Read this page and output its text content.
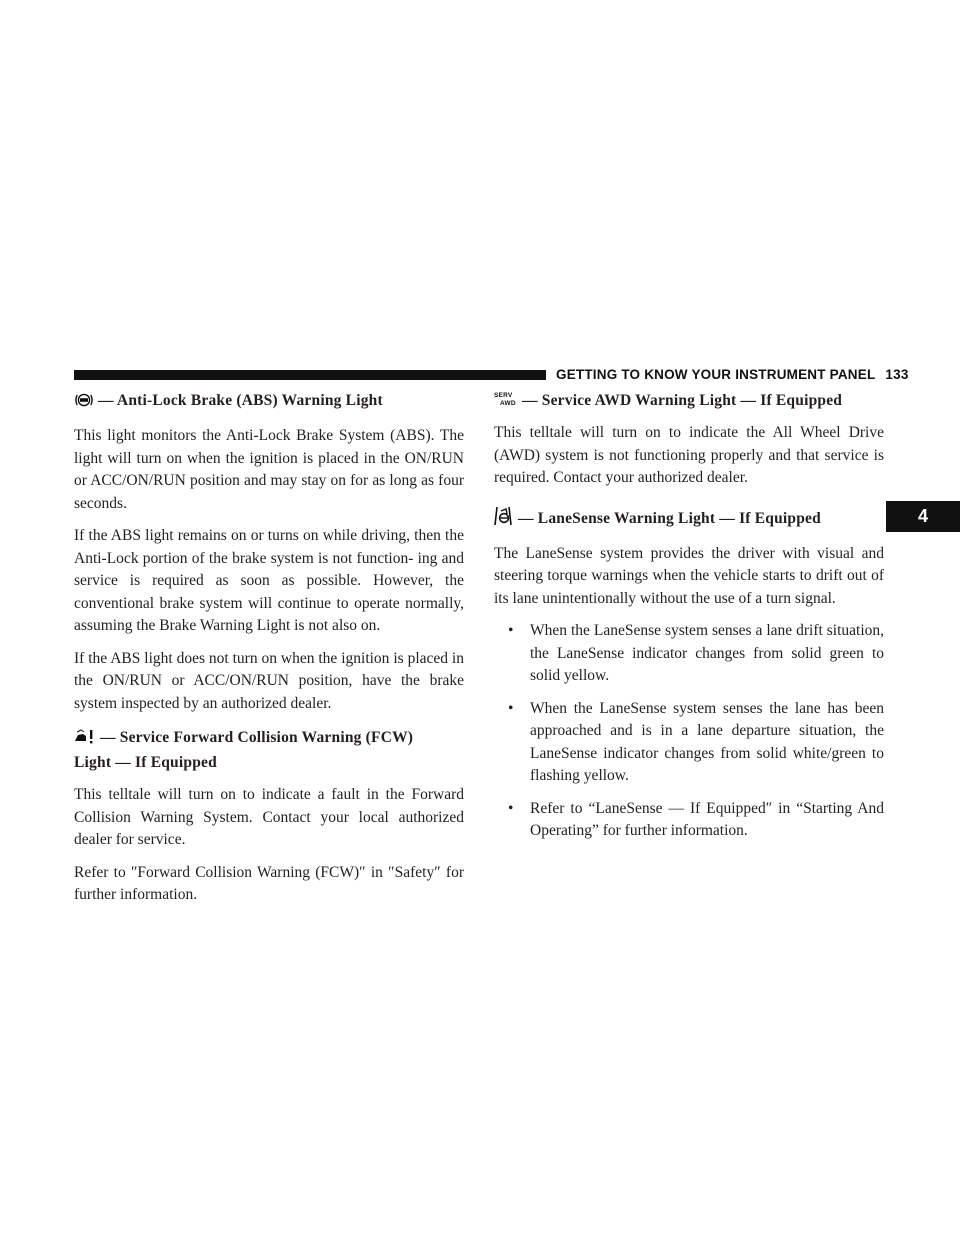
GETTING TO KNOW YOUR INSTRUMENT PANEL 133
4
— Anti-Lock Brake (ABS) Warning Light

This light monitors the Anti-Lock Brake System (ABS). The light will turn on when the ignition is placed in the ON/RUN or ACC/ON/RUN position and may stay on for as long as four seconds.

If the ABS light remains on or turns on while driving, then the Anti-Lock portion of the brake system is not function- ing and service is required as soon as possible. However, the conventional brake system will continue to operate normally, assuming the Brake Warning Light is not also on.

If the ABS light does not turn on when the ignition is placed in the ON/RUN or ACC/ON/RUN position, have the brake system inspected by an authorized dealer.

— Service Forward Collision Warning (FCW)
Light — If Equipped

This telltale will turn on to indicate a fault in the Forward Collision Warning System. Contact your local authorized dealer for service.

Refer to ″Forward Collision Warning (FCW)″ in ″Safety″ for further information.

SERV
AWD — Service AWD Warning Light — If Equipped

This telltale will turn on to indicate the All Wheel Drive (AWD) system is not functioning properly and that service is required. Contact your authorized dealer.

— LaneSense Warning Light — If Equipped

The LaneSense system provides the driver with visual and steering torque warnings when the vehicle starts to drift out of its lane unintentionally without the use of a turn signal.

• When the LaneSense system senses a lane drift situation, the LaneSense indicator changes from solid green to solid yellow.
• When the LaneSense system senses the lane has been approached and is in a lane departure situation, the LaneSense indicator changes from solid white/green to flashing yellow.
• Refer to “LaneSense — If Equipped″ in “Starting And Operating” for further information.
